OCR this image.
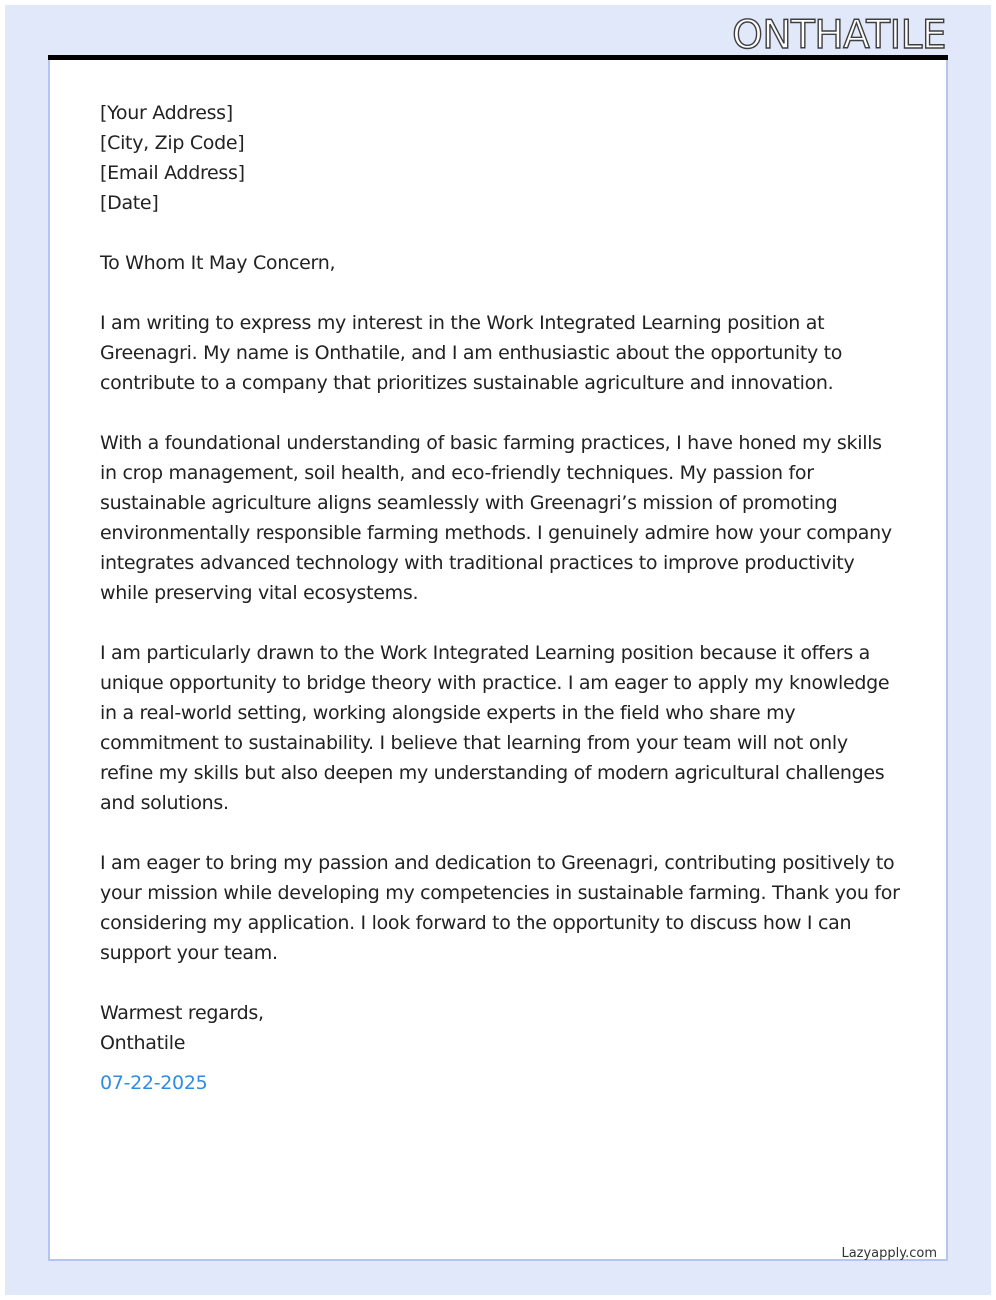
ONTHATILE
[Your Address]
[City, Zip Code]
[Email Address]
[Date]

To Whom It May Concern,

I am writing to express my interest in the Work Integrated Learning position at Greenagri. My name is Onthatile, and I am enthusiastic about the opportunity to contribute to a company that prioritizes sustainable agriculture and innovation.

With a foundational understanding of basic farming practices, I have honed my skills in crop management, soil health, and eco-friendly techniques. My passion for sustainable agriculture aligns seamlessly with Greenagri’s mission of promoting environmentally responsible farming methods. I genuinely admire how your company integrates advanced technology with traditional practices to improve productivity while preserving vital ecosystems.

I am particularly drawn to the Work Integrated Learning position because it offers a unique opportunity to bridge theory with practice. I am eager to apply my knowledge in a real-world setting, working alongside experts in the field who share my commitment to sustainability. I believe that learning from your team will not only refine my skills but also deepen my understanding of modern agricultural challenges and solutions.

I am eager to bring my passion and dedication to Greenagri, contributing positively to your mission while developing my competencies in sustainable farming. Thank you for considering my application. I look forward to the opportunity to discuss how I can support your team.

Warmest regards,
Onthatile
07-22-2025
Lazyapply.com
